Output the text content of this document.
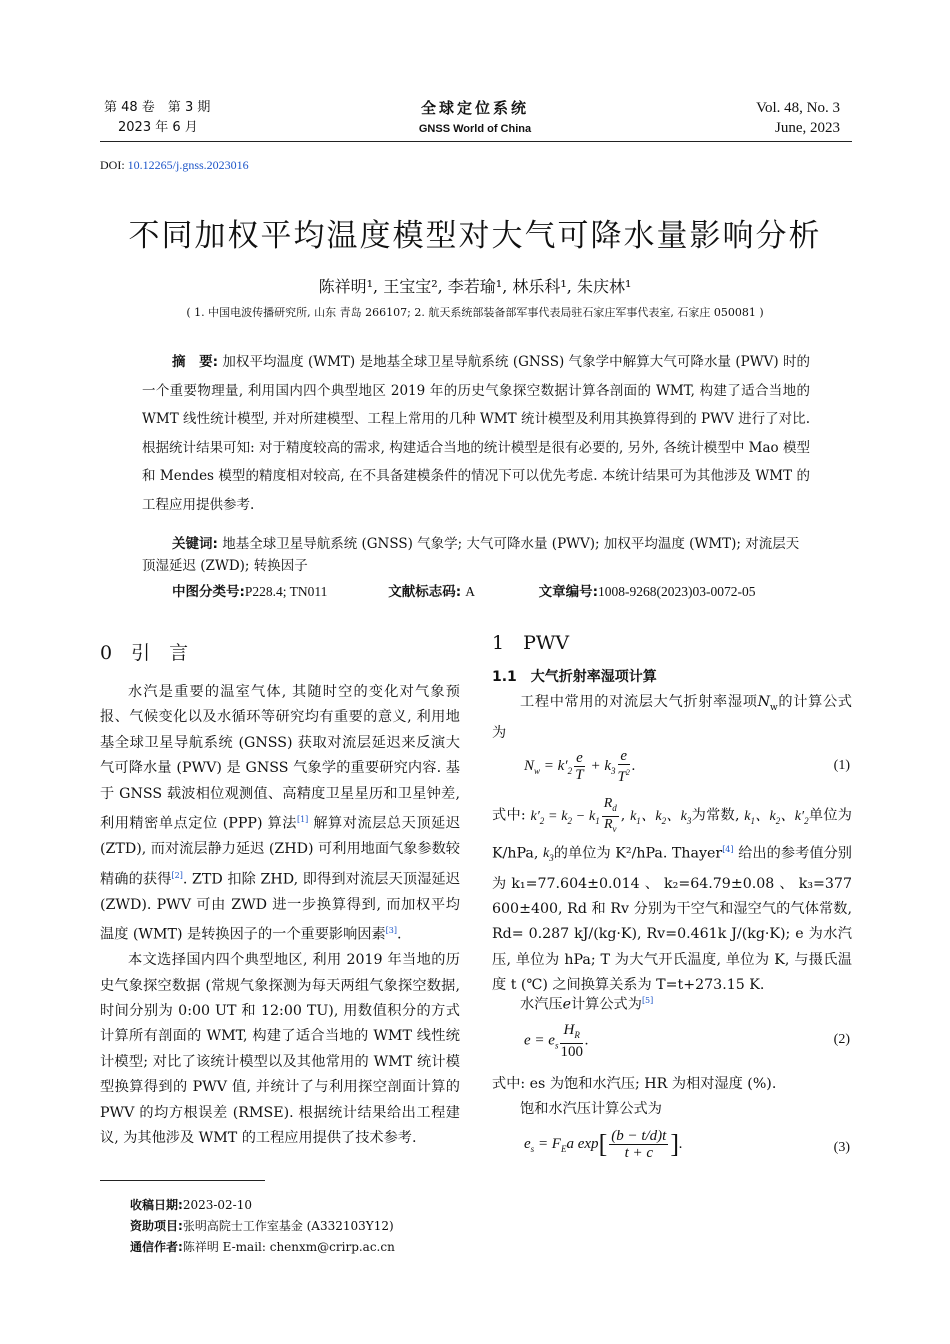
第 48 卷　第 3 期
2023 年 6 月
全球定位系统
GNSS World of China
Vol. 48, No. 3
June, 2023
DOI: 10.12265/j.gnss.2023016
不同加权平均温度模型对大气可降水量影响分析
陈祥明¹, 王宝宝², 李若瑜¹, 林乐科¹, 朱庆林¹
( 1. 中国电波传播研究所, 山东 青岛 266107; 2. 航天系统部装备部军事代表局驻石家庄军事代表室, 石家庄 050081 )
摘　要: 加权平均温度 (WMT) 是地基全球卫星导航系统 (GNSS) 气象学中解算大气可降水量 (PWV) 时的一个重要物理量, 利用国内四个典型地区 2019 年的历史气象探空数据计算各剖面的 WMT, 构建了适合当地的 WMT 线性统计模型, 并对所建模型、工程上常用的几种 WMT 统计模型及利用其换算得到的 PWV 进行了对比. 根据统计结果可知: 对于精度较高的需求, 构建适合当地的统计模型是很有必要的, 另外, 各统计模型中 Mao 模型和 Mendes 模型的精度相对较高, 在不具备建模条件的情况下可以优先考虑. 本统计结果可为其他涉及 WMT 的工程应用提供参考.
关键词: 地基全球卫星导航系统 (GNSS) 气象学; 大气可降水量 (PWV); 加权平均温度 (WMT); 对流层天顶湿延迟 (ZWD); 转换因子
中图分类号:P228.4; TN011	文献标志码: A	文章编号:1008-9268(2023)03-0072-05
0　引　言

水汽是重要的温室气体, 其随时空的变化对气象预报、气候变化以及水循环等研究均有重要的意义, 利用地基全球卫星导航系统 (GNSS) 获取对流层延迟来反演大气可降水量 (PWV) 是 GNSS 气象学的重要研究内容. 基于 GNSS 载波相位观测值、高精度卫星星历和卫星钟差, 利用精密单点定位 (PPP) 算法[1] 解算对流层总天顶延迟 (ZTD), 而对流层静力延迟 (ZHD) 可利用地面气象参数较精确的获得[2]. ZTD 扣除 ZHD, 即得到对流层天顶湿延迟 (ZWD). PWV 可由 ZWD 进一步换算得到, 而加权平均温度 (WMT) 是转换因子的一个重要影响因素[3].

本文选择国内四个典型地区, 利用 2019 年当地的历史气象探空数据 (常规气象探测为每天两组气象探空数据, 时间分别为 0:00 UT 和 12:00 TU), 用数值积分的方式计算所有剖面的 WMT, 构建了适合当地的 WMT 线性统计模型; 对比了该统计模型以及其他常用的 WMT 统计模型换算得到的 PWV 值, 并统计了与利用探空剖面计算的 PWV 的均方根误差 (RMSE). 根据统计结果给出工程建议, 为其他涉及 WMT 的工程应用提供了技术参考.

1　PWV
1.1　大气折射率湿项计算
工程中常用的对流层大气折射率湿项$N_w$的计算公式为
$N_w = k'_2 \frac{e}{T} + k_3 \frac{e}{T^2}$ .	(1)
式中: $k'_2 = k_2 - k_1 \frac{R_d}{R_v}$ , $k_1$、$k_2$、$k_3$为常数, $k_1$、$k_2$、$k'_2$单位为 K/hPa, $k_3$的单位为 K²/hPa. Thayer[4] 给出的参考值分别为k₁=77.604±0.014、k₂=64.79±0.08、k₃=377 600±400, Rd 和 Rv 分别为干空气和湿空气的气体常数, Rd= 0.287 kJ/(kg·K), Rv=0.461k J/(kg·K); e 为水汽压, 单位为 hPa; T 为大气开氏温度, 单位为 K, 与摄氏温度 t (℃) 之间换算关系为 T=t+273.15 K.
水汽压e计算公式为[5]
$e = e_s \frac{H_R}{100}$ .	(2)
式中: es 为饱和水汽压; HR 为相对湿度 (%).
饱和水汽压计算公式为
$e_s = F_Ea$ $\exp[ \frac{(b - t/d)t}{t + c}$ ].	(3)
收稿日期:2023-02-10
资助项目:张明高院士工作室基金 (A332103Y12)
通信作者:陈祥明 E-mail: chenxm@crirp.ac.cn
